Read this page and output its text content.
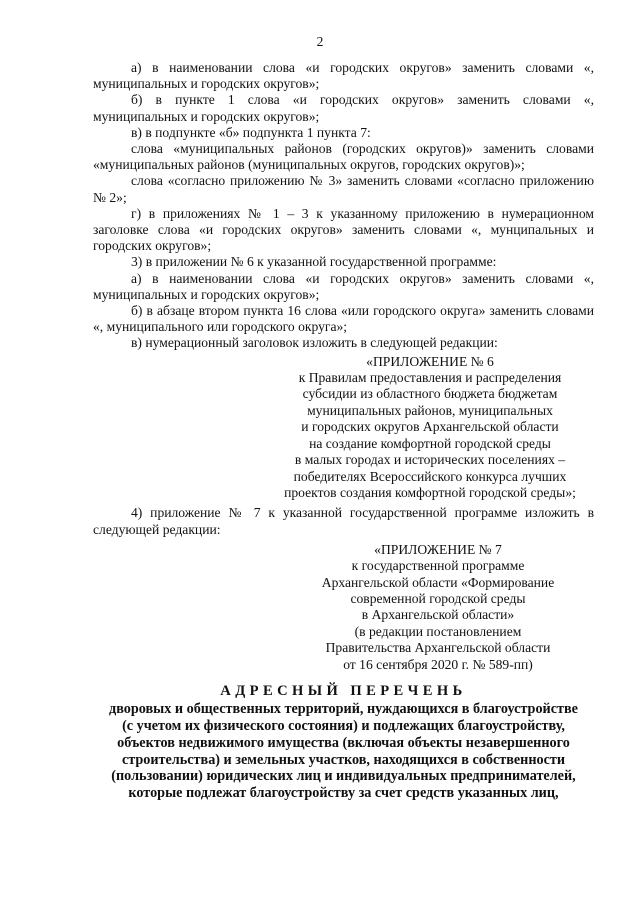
2

а) в наименовании слова «и городских округов» заменить словами «, муниципальных и городских округов»;

б) в пункте 1 слова «и городских округов» заменить словами «, муниципальных и городских округов»;

в) в подпункте «б» подпункта 1 пункта 7:

слова «муниципальных районов (городских округов)» заменить словами «муниципальных районов (муниципальных округов, городских округов)»;

слова «согласно приложению № 3» заменить словами «согласно приложению № 2»;

г) в приложениях № 1 – 3 к указанному приложению в нумерационном заголовке слова «и городских округов» заменить словами «, мунципальных и городских округов»;

3) в приложении № 6 к указанной государственной программе:

а) в наименовании слова «и городских округов» заменить словами «, муниципальных и городских округов»;

б) в абзаце втором пункта 16 слова «или городского округа» заменить словами «, муниципального или городского округа»;

в) нумерационный заголовок изложить в следующей редакции:

«ПРИЛОЖЕНИЕ № 6

к Правилам предоставления и распределения

субсидии из областного бюджета бюджетам

муниципальных районов, муниципальных

и городских округов Архангельской области

на создание комфортной городской среды

в малых городах и исторических поселениях –

победителях Всероссийского конкурса лучших

проектов создания комфортной городской среды»;

4) приложение № 7 к указанной государственной программе изложить в следующей редакции:

«ПРИЛОЖЕНИЕ № 7

к государственной программе

Архангельской области «Формирование

современной городской среды

в Архангельской области»

(в редакции постановлением

Правительства Архангельской области

от 16 сентября 2020 г. № 589-пп)

АДРЕСНЫЙ ПЕРЕЧЕНЬ
дворовых и общественных территорий, нуждающихся в благоустройстве
(с учетом их физического состояния) и подлежащих благоустройству,
объектов недвижимого имущества (включая объекты незавершенного
строительства) и земельных участков, находящихся в собственности
(пользовании) юридических лиц и индивидуальных предпринимателей,
которые подлежат благоустройству за счет средств указанных лиц,
